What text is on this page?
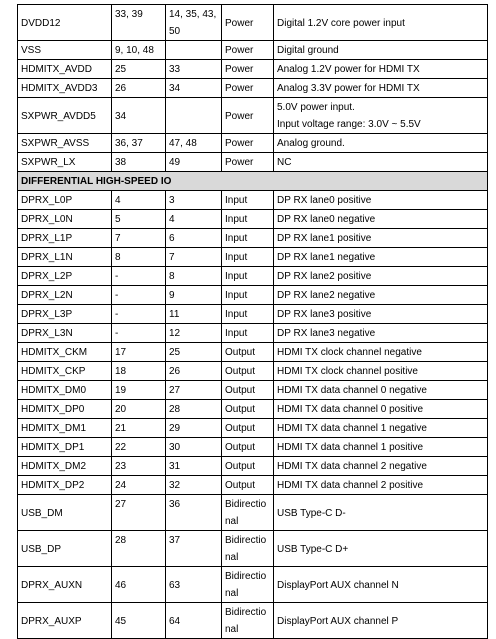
DVDD12	33, 39	14, 35, 43, 50	Power	Digital 1.2V core power input
VSS	9, 10, 48		Power	Digital ground
HDMITX_AVDD	25	33	Power	Analog 1.2V power for HDMI TX
HDMITX_AVDD3	26	34	Power	Analog 3.3V power for HDMI TX
SXPWR_AVDD5	34		Power	5.0V power input.
Input voltage range: 3.0V ~ 5.5V

SXPWR_AVSS	36, 37	47, 48	Power	Analog ground.
SXPWR_LX	38	49	Power	NC
DIFFERENTIAL HIGH-SPEED IO				
DPRX_L0P	4	3	Input	DP RX lane0 positive
DPRX_L0N	5	4	Input	DP RX lane0 negative
DPRX_L1P	7	6	Input	DP RX lane1 positive
DPRX_L1N	8	7	Input	DP RX lane1 negative
DPRX_L2P	-	8	Input	DP RX lane2 positive
DPRX_L2N	-	9	Input	DP RX lane2 negative
DPRX_L3P	-	11	Input	DP RX lane3 positive
DPRX_L3N	-	12	Input	DP RX lane3 negative
HDMITX_CKM	17	25	Output	HDMI TX clock channel negative
HDMITX_CKP	18	26	Output	HDMI TX clock channel positive
HDMITX_DM0	19	27	Output	HDMI TX data channel 0 negative
HDMITX_DP0	20	28	Output	HDMI TX data channel 0 positive
HDMITX_DM1	21	29	Output	HDMI TX data channel 1 negative
HDMITX_DP1	22	30	Output	HDMI TX data channel 1 positive
HDMITX_DM2	23	31	Output	HDMI TX data channel 2 negative
HDMITX_DP2	24	32	Output	HDMI TX data channel 2 positive
USB_DM	27	36	Bidirectional	USB Type-C D-
USB_DP	28	37	Bidirectional	USB Type-C D+
DPRX_AUXN	46	63	Bidirectional	DisplayPort AUX channel N
DPRX_AUXP	45	64	Bidirectional	DisplayPort AUX channel P
